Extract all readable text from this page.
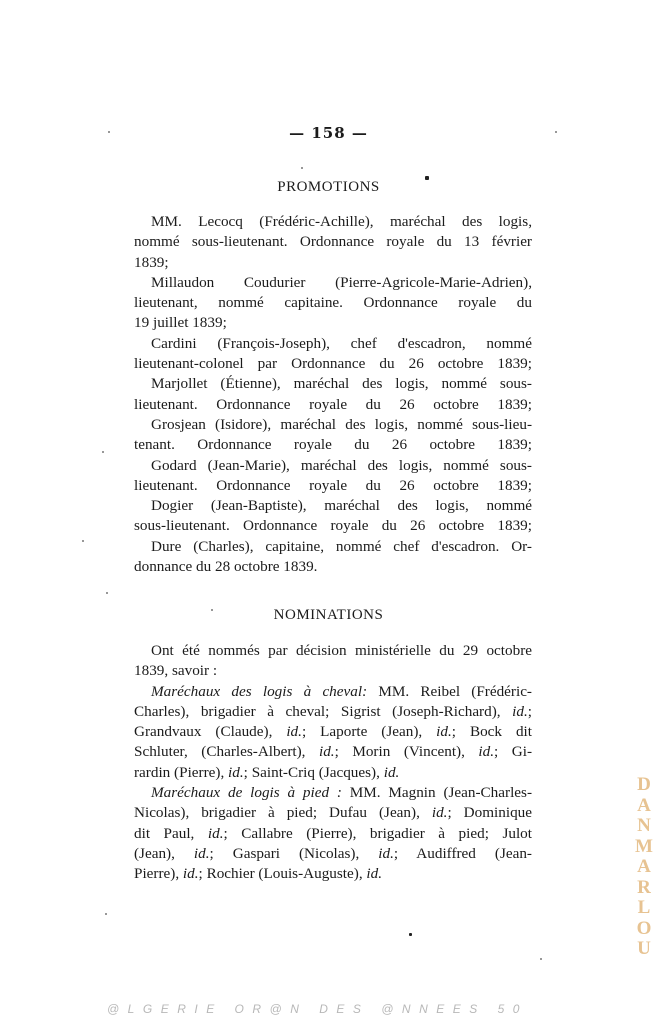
— 158 —
PROMOTIONS
MM. Lecocq (Frédéric-Achille), maréchal des logis,
nommé sous-lieutenant. Ordonnance royale du 13 février
1839;
Millaudon Coudurier (Pierre-Agricole-Marie-Adrien),
lieutenant, nommé capitaine. Ordonnance royale du
19 juillet 1839;
Cardini (François-Joseph), chef d'escadron, nommé
lieutenant-colonel par Ordonnance du 26 octobre 1839;
Marjollet (Étienne), maréchal des logis, nommé sous-
lieutenant. Ordonnance royale du 26 octobre 1839;
Grosjean (Isidore), maréchal des logis, nommé sous-lieu-
tenant. Ordonnance royale du 26 octobre 1839;
Godard (Jean-Marie), maréchal des logis, nommé sous-
lieutenant. Ordonnance royale du 26 octobre 1839;
Dogier (Jean-Baptiste), maréchal des logis, nommé
sous-lieutenant. Ordonnance royale du 26 octobre 1839;
Dure (Charles), capitaine, nommé chef d'escadron. Or-
donnance du 28 octobre 1839.
NOMINATIONS
Ont été nommés par décision ministérielle du 29 octobre
1839, savoir :
Maréchaux des logis à cheval: MM. Reibel (Frédéric-
Charles), brigadier à cheval; Sigrist (Joseph-Richard), id.;
Grandvaux (Claude), id.; Laporte (Jean), id.; Bock dit
Schluter, (Charles-Albert), id.; Morin (Vincent), id.; Gi-
rardin (Pierre), id.; Saint-Criq (Jacques), id.
Maréchaux de logis à pied : MM. Magnin (Jean-Charles-
Nicolas), brigadier à pied; Dufau (Jean), id.; Dominique
dit Paul, id.; Callabre (Pierre), brigadier à pied; Julot
(Jean), id.; Gaspari (Nicolas), id.; Audiffred (Jean-
Pierre), id.; Rochier (Louis-Auguste), id.
D
A
N
M
A
R
L
O
U
@LGERIE OR@N DES @NNEES 50
